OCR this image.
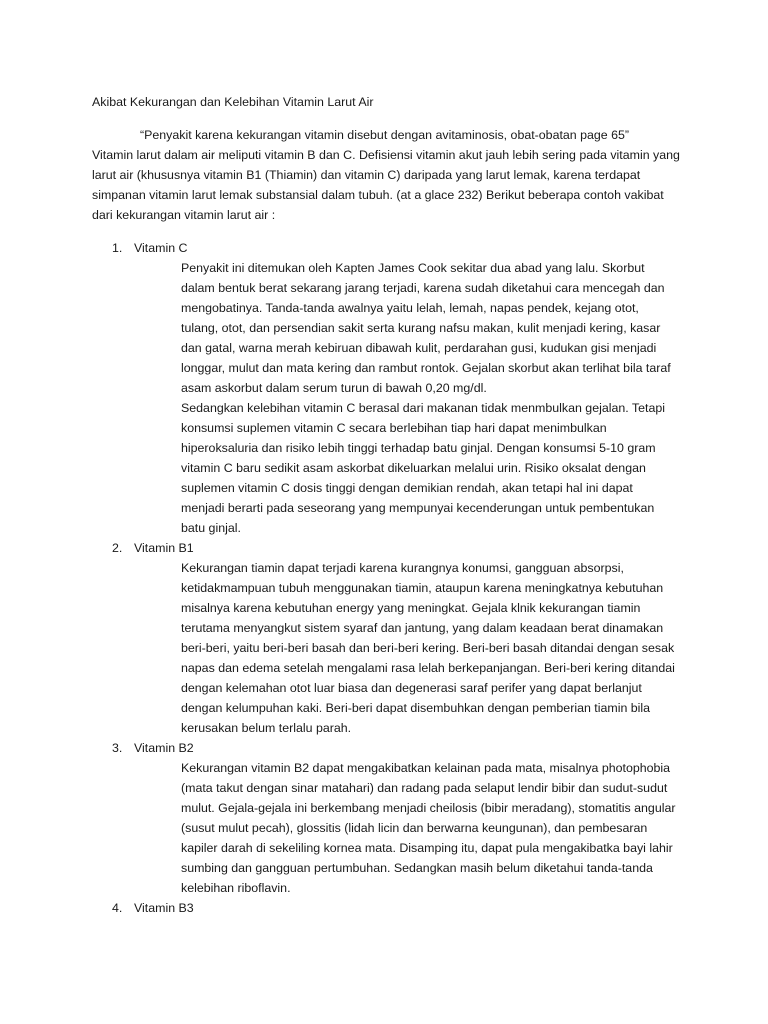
Akibat Kekurangan dan Kelebihan Vitamin Larut Air

“Penyakit karena kekurangan vitamin disebut dengan avitaminosis, obat-obatan page 65”
Vitamin larut dalam air meliputi vitamin B dan C. Defisiensi vitamin akut jauh lebih sering pada vitamin yang larut air (khususnya vitamin B1 (Thiamin) dan vitamin C) daripada yang larut lemak, karena terdapat simpanan vitamin larut lemak substansial dalam tubuh. (at a glace 232) Berikut beberapa contoh vakibat dari kekurangan vitamin larut air :

1. Vitamin C

Penyakit ini ditemukan oleh Kapten James Cook sekitar dua abad yang lalu. Skorbut dalam bentuk berat sekarang jarang terjadi, karena sudah diketahui cara mencegah dan mengobatinya. Tanda-tanda awalnya yaitu lelah, lemah, napas pendek, kejang otot, tulang, otot, dan persendian sakit serta kurang nafsu makan, kulit menjadi kering, kasar dan gatal, warna merah kebiruan dibawah kulit, perdarahan gusi, kudukan gisi menjadi longgar, mulut dan mata kering dan rambut rontok. Gejalan skorbut akan terlihat bila taraf asam askorbut dalam serum turun di bawah 0,20 mg/dl.

Sedangkan kelebihan vitamin C berasal dari makanan tidak menmbulkan gejalan. Tetapi konsumsi suplemen vitamin C secara berlebihan tiap hari dapat menimbulkan hiperoksaluria dan risiko lebih tinggi terhadap batu ginjal. Dengan konsumsi 5-10 gram vitamin C baru sedikit asam askorbat dikeluarkan melalui urin. Risiko oksalat dengan suplemen vitamin C dosis tinggi dengan demikian rendah, akan tetapi hal ini dapat menjadi berarti pada seseorang yang mempunyai kecenderungan untuk pembentukan batu ginjal.

2. Vitamin B1

Kekurangan tiamin dapat terjadi karena kurangnya konumsi, gangguan absorpsi, ketidakmampuan tubuh menggunakan tiamin, ataupun karena meningkatnya kebutuhan misalnya karena kebutuhan energy yang meningkat. Gejala klnik kekurangan tiamin terutama menyangkut sistem syaraf dan jantung, yang dalam keadaan berat dinamakan beri-beri, yaitu beri-beri basah dan beri-beri kering. Beri-beri basah ditandai dengan sesak napas dan edema setelah mengalami rasa lelah berkepanjangan. Beri-beri kering ditandai dengan kelemahan otot luar biasa dan degenerasi saraf perifer yang dapat berlanjut dengan kelumpuhan kaki. Beri-beri dapat disembuhkan dengan pemberian tiamin bila kerusakan belum terlalu parah.

3. Vitamin B2

Kekurangan vitamin B2 dapat mengakibatkan kelainan pada mata, misalnya photophobia (mata takut dengan sinar matahari) dan radang pada selaput lendir bibir dan sudut-sudut mulut. Gejala-gejala ini berkembang menjadi cheilosis (bibir meradang), stomatitis angular (susut mulut pecah), glossitis (lidah licin dan berwarna keungunan), dan pembesaran kapiler darah di sekeliling kornea mata. Disamping itu, dapat pula mengakibatka bayi lahir sumbing dan gangguan pertumbuhan. Sedangkan masih belum diketahui tanda-tanda kelebihan riboflavin.

4. Vitamin B3
